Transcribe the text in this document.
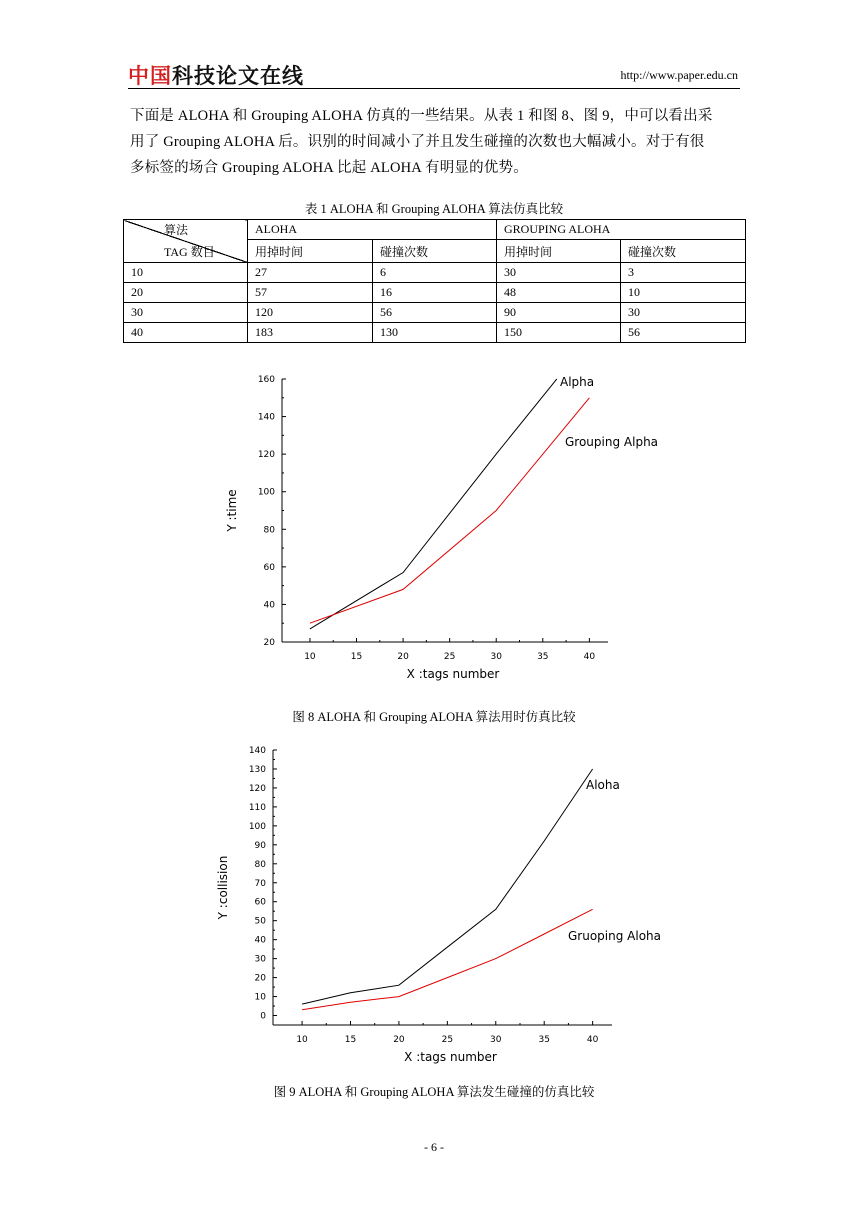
中国科技论文在线	http://www.paper.edu.cn
下面是 ALOHA 和 Grouping ALOHA 仿真的一些结果。从表 1 和图 8、图 9，中可以看出采
用了 Grouping ALOHA 后。识别的时间减小了并且发生碰撞的次数也大幅减小。对于有很
多标签的场合 Grouping ALOHA 比起 ALOHA 有明显的优势。
表 1 ALOHA 和 Grouping ALOHA 算法仿真比较
算法
TAG 数目	ALOHA		GROUPING ALOHA	
	用掉时间	碰撞次数	用掉时间	碰撞次数
10	27	6	30	3
20	57	16	48	10
30	120	56	90	30
40	183	130	150	56
20
40
60
80
100
120
140
160
10	15	20	25	30	35	40
X :tags number
Y :time
Alpha
Grouping Alpha
0
10
20
30
40
50
60
70
80
90
100
110
120
130
140
10	15	20	25	30	35	40
X :tags number
Y :collision
Aloha
Gruoping Aloha
图 8 ALOHA 和 Grouping ALOHA 算法用时仿真比较
图 9 ALOHA 和 Grouping ALOHA 算法发生碰撞的仿真比较
- 6 -
